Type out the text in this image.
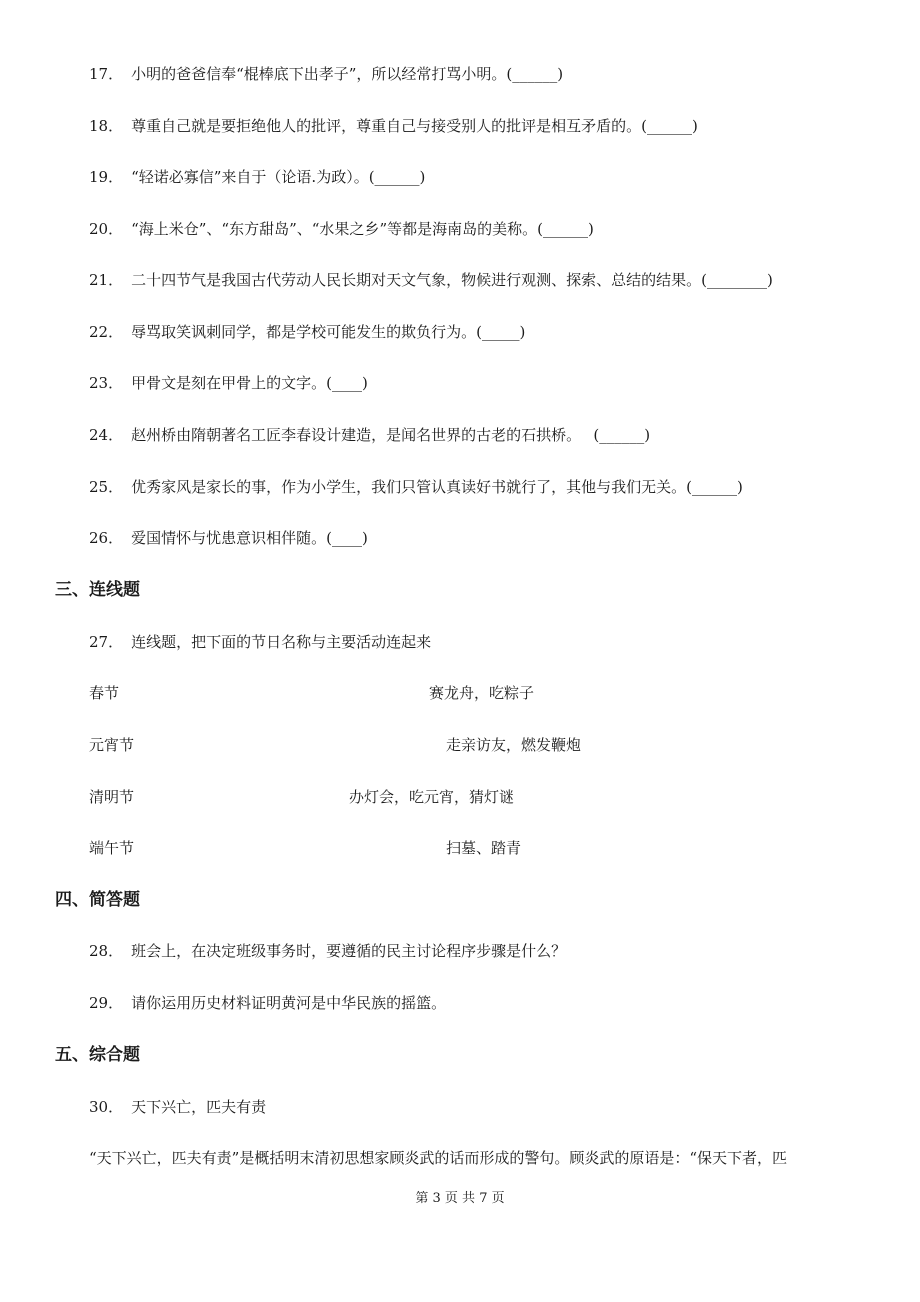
17． 小明的爸爸信奉“棍棒底下出孝子”，所以经常打骂小明。(______)
18． 尊重自己就是要拒绝他人的批评，尊重自己与接受别人的批评是相互矛盾的。(______)
19． “轻诺必寡信”来自于（论语.为政）。(______)
20． “海上米仓”、“东方甜岛”、“水果之乡”等都是海南岛的美称。(______)
21． 二十四节气是我国古代劳动人民长期对天文气象，物候进行观测、探索、总结的结果。(________)
22． 辱骂取笑讽刺同学，都是学校可能发生的欺负行为。(_____)
23． 甲骨文是刻在甲骨上的文字。(____)
24． 赵州桥由隋朝著名工匠李春设计建造，是闻名世界的古老的石拱桥。　 (______)
25． 优秀家风是家长的事，作为小学生，我们只管认真读好书就行了，其他与我们无关。(______)
26． 爱国情怀与忧患意识相伴随。(____)
三、连线题
27． 连线题，把下面的节日名称与主要活动连起来
春节	赛龙舟，吃粽子
元宵节	走亲访友，燃发鞭炮
清明节	办灯会，吃元宵，猜灯谜
端午节	扫墓、踏青
四、简答题
28． 班会上，在决定班级事务时，要遵循的民主讨论程序步骤是什么？
29． 请你运用历史材料证明黄河是中华民族的摇篮。
五、综合题
30． 天下兴亡，匹夫有责
“天下兴亡，匹夫有责”是概括明末清初思想家顾炎武的话而形成的警句。顾炎武的原语是：“保天下者，匹
第 3 页 共 7 页
